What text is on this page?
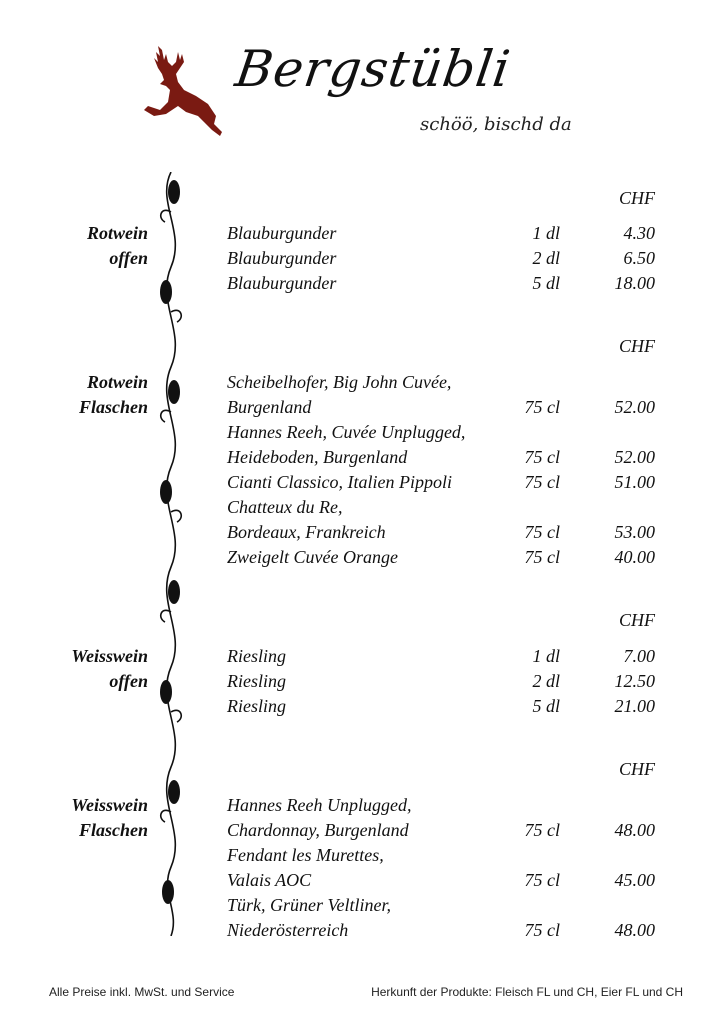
Bergstübli
schöö, bischd da
CHF
Rotwein
offen
Blauburgunder	1 dl	4.30
Blauburgunder	2 dl	6.50
Blauburgunder	5 dl	18.00
CHF
Rotwein
Flaschen
Scheibelhofer, Big John Cuvée,
Burgenland	75 cl	52.00
Hannes Reeh, Cuvée Unplugged,
Heideboden, Burgenland	75 cl	52.00
Cianti Classico, Italien Pippoli	75 cl	51.00
Chatteux du Re,
Bordeaux, Frankreich	75 cl	53.00
Zweigelt Cuvée Orange	75 cl	40.00
CHF
Weisswein
offen
Riesling	1 dl	7.00
Riesling	2 dl	12.50
Riesling	5 dl	21.00
CHF
Weisswein
Flaschen
Hannes Reeh Unplugged,
Chardonnay, Burgenland	75 cl	48.00
Fendant les Murettes,
Valais AOC	75 cl	45.00
Türk, Grüner Veltliner,
Niederösterreich	75 cl	48.00
Alle Preise inkl. MwSt. und Service	Herkunft der Produkte: Fleisch FL und CH, Eier FL und CH
